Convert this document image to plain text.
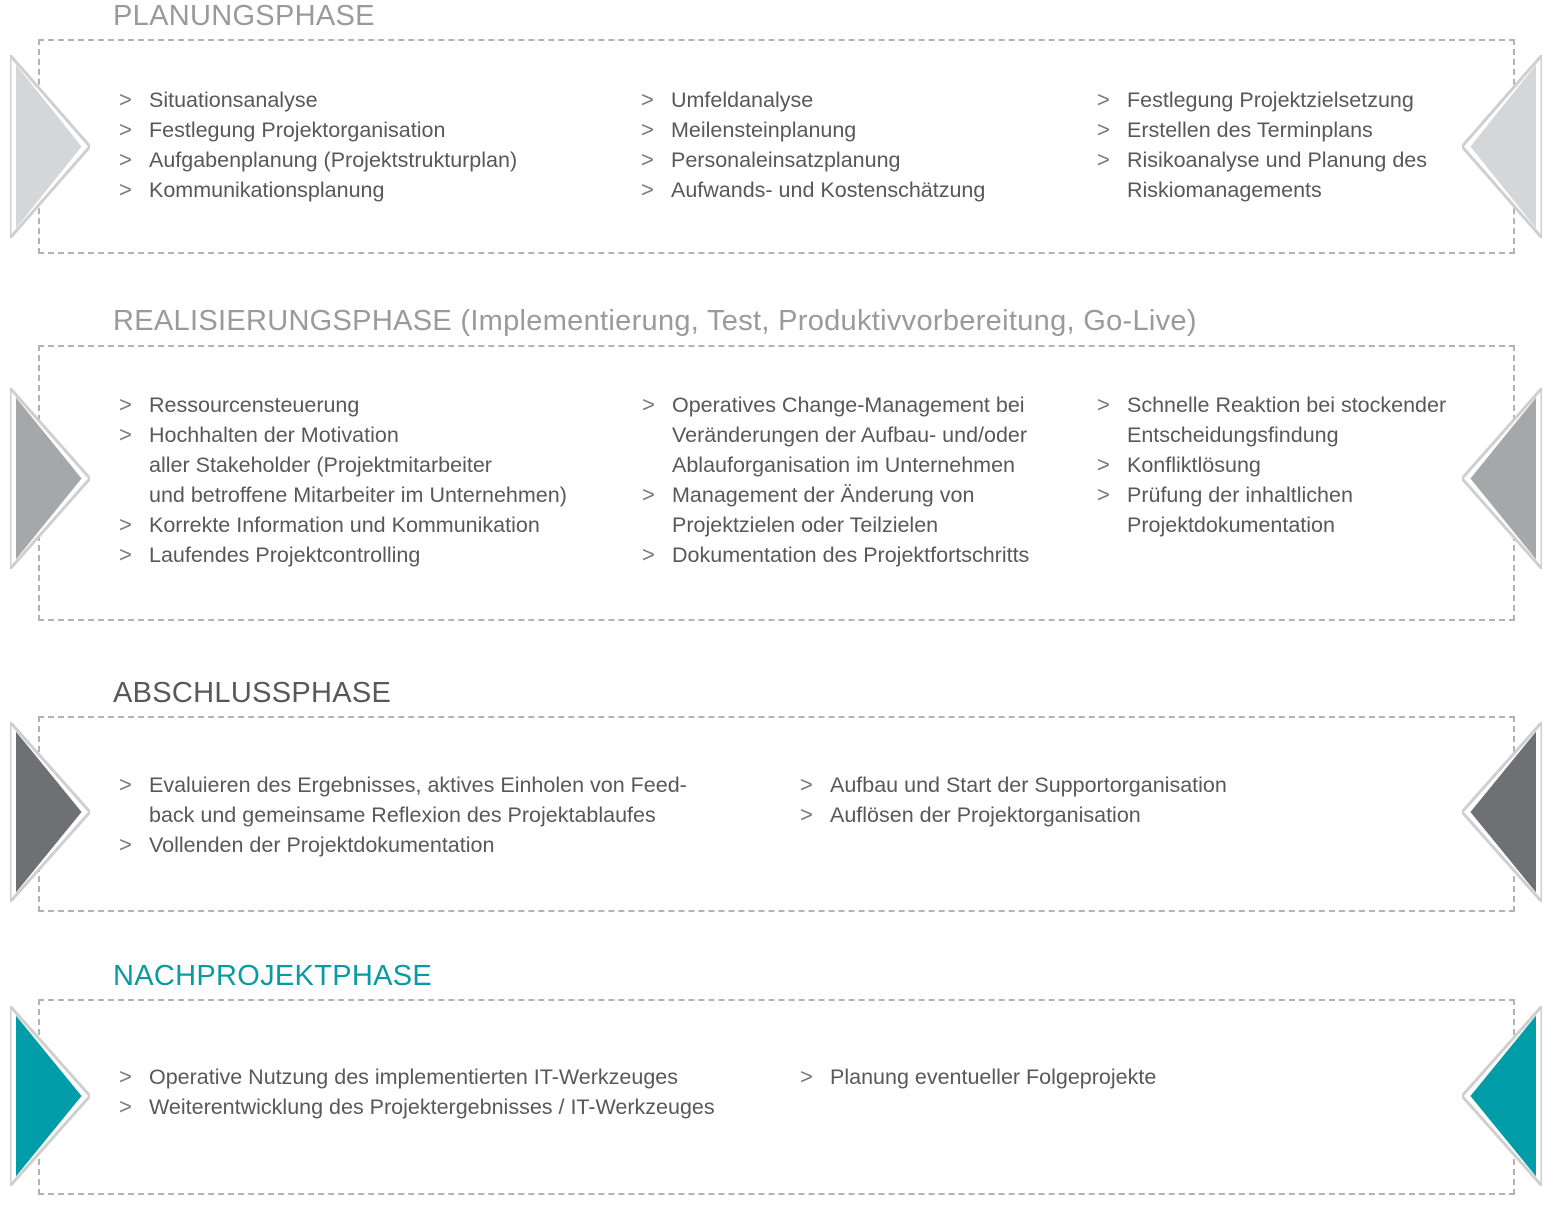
PLANUNGSPHASE
> Situationsanalyse
> Festlegung Projektorganisation
> Aufgabenplanung (Projektstrukturplan)
> Kommunikationsplanung
> Umfeldanalyse
> Meilensteinplanung
> Personaleinsatzplanung
> Aufwands- und Kostenschätzung
> Festlegung Projektzielsetzung
> Erstellen des Terminplans
> Risikoanalyse und Planung des
Riskiomanagements
REALISIERUNGSPHASE (Implementierung, Test, Produktivvorbereitung, Go-Live)
> Ressourcensteuerung
> Hochhalten der Motivation
aller Stakeholder (Projektmitarbeiter
und betroffene Mitarbeiter im Unternehmen)
> Korrekte Information und Kommunikation
> Laufendes Projektcontrolling
> Operatives Change-Management bei
Veränderungen der Aufbau- und/oder
Ablauforganisation im Unternehmen
> Management der Änderung von
Projektzielen oder Teilzielen
> Dokumentation des Projektfortschritts
> Schnelle Reaktion bei stockender
Entscheidungsfindung
> Konfliktlösung
> Prüfung der inhaltlichen
Projektdokumentation
ABSCHLUSSPHASE
> Evaluieren des Ergebnisses, aktives Einholen von Feed-
back und gemeinsame Reflexion des Projektablaufes
> Vollenden der Projektdokumentation
> Aufbau und Start der Supportorganisation
> Auflösen der Projektorganisation
NACHPROJEKTPHASE
> Operative Nutzung des implementierten IT-Werkzeuges
> Weiterentwicklung des Projektergebnisses / IT-Werkzeuges
> Planung eventueller Folgeprojekte
